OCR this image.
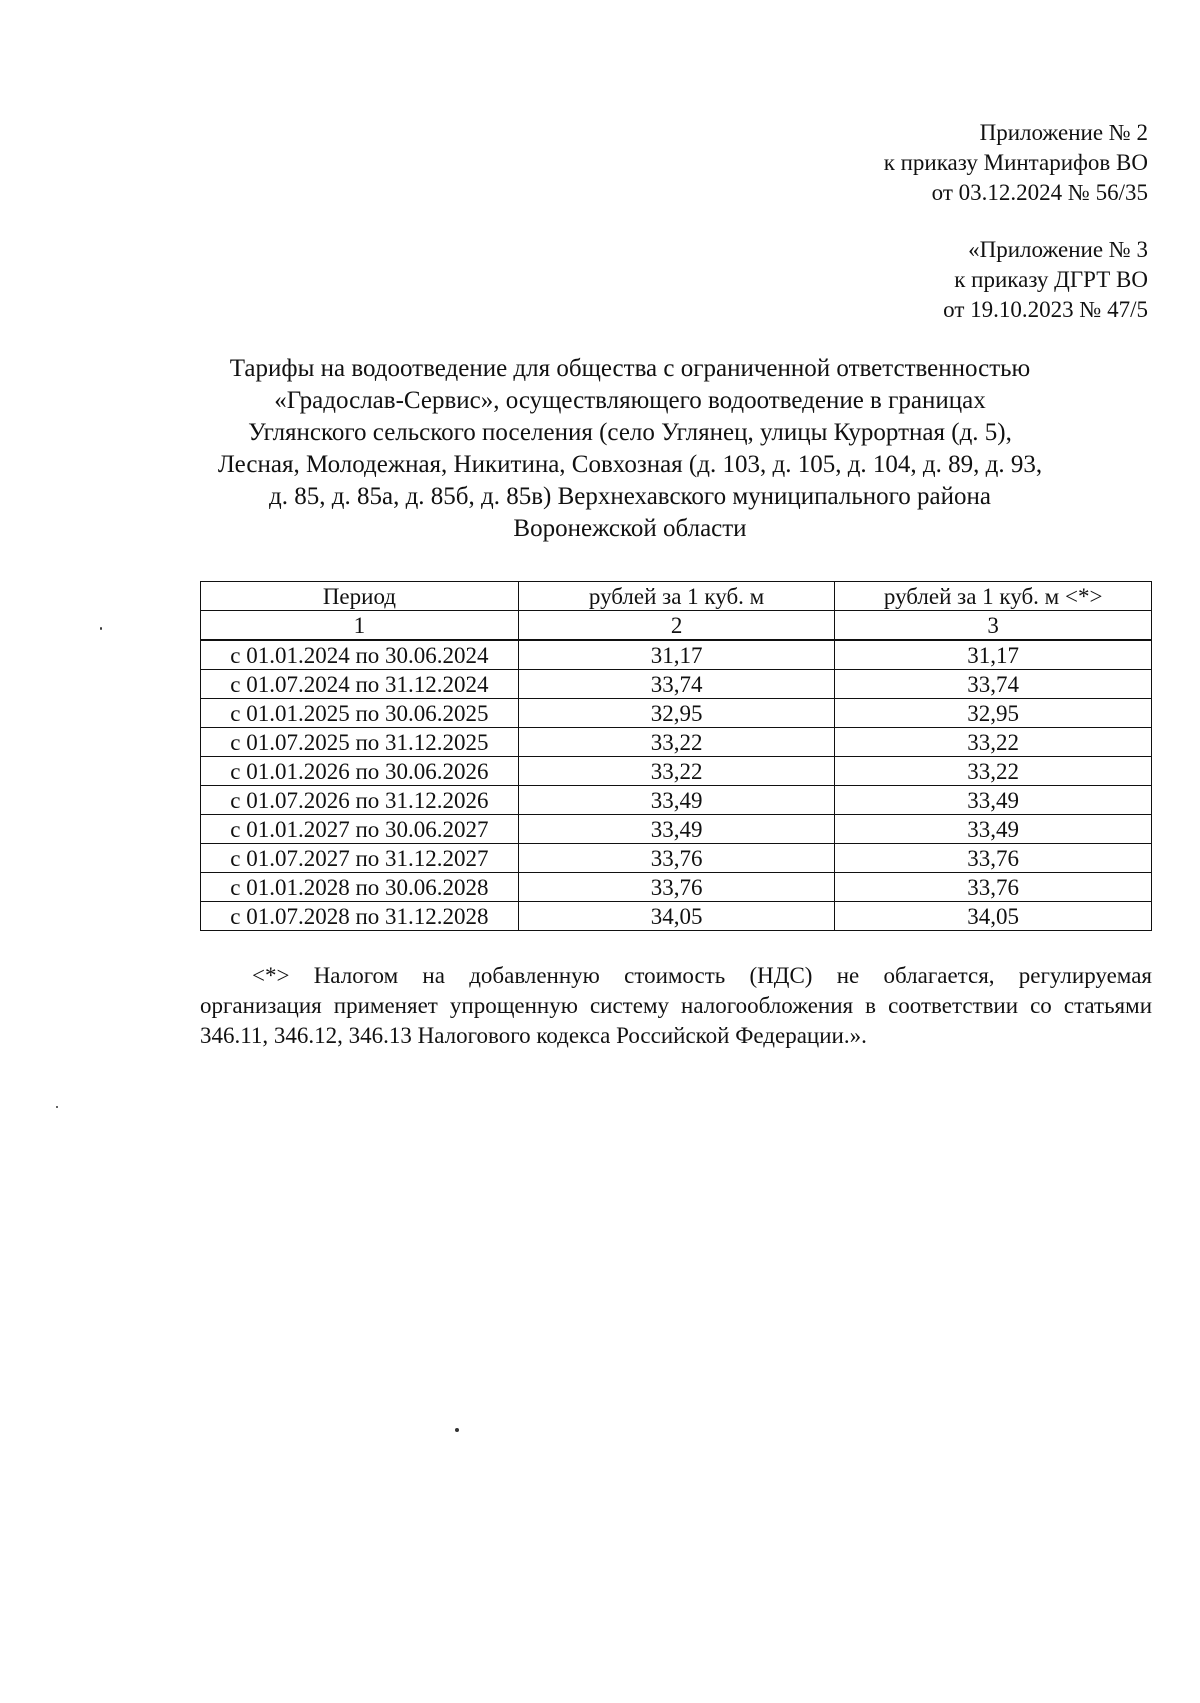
Приложение № 2
к приказу Минтарифов ВО
от 03.12.2024 № 56/35
«Приложение № 3
к приказу ДГРТ ВО
от 19.10.2023 № 47/5
Тарифы на водоотведение для общества с ограниченной ответственностью
«Градослав-Сервис», осуществляющего водоотведение в границах
Углянского сельского поселения (село Углянец, улицы Курортная (д. 5),
Лесная, Молодежная, Никитина, Совхозная (д. 103, д. 105, д. 104, д. 89, д. 93,
д. 85, д. 85а, д. 85б, д. 85в) Верхнехавского муниципального района
Воронежской области
Период	рублей за 1 куб. м	рублей за 1 куб. м <*>
1	2	3
с 01.01.2024 по 30.06.2024	31,17	31,17
с 01.07.2024 по 31.12.2024	33,74	33,74
с 01.01.2025 по 30.06.2025	32,95	32,95
с 01.07.2025 по 31.12.2025	33,22	33,22
с 01.01.2026 по 30.06.2026	33,22	33,22
с 01.07.2026 по 31.12.2026	33,49	33,49
с 01.01.2027 по 30.06.2027	33,49	33,49
с 01.07.2027 по 31.12.2027	33,76	33,76
с 01.01.2028 по 30.06.2028	33,76	33,76
с 01.07.2028 по 31.12.2028	34,05	34,05
<*> Налогом на добавленную стоимость (НДС) не облагается, регулируемая
организация применяет упрощенную систему налогообложения в соответствии со статьями
346.11, 346.12, 346.13 Налогового кодекса Российской Федерации.».
